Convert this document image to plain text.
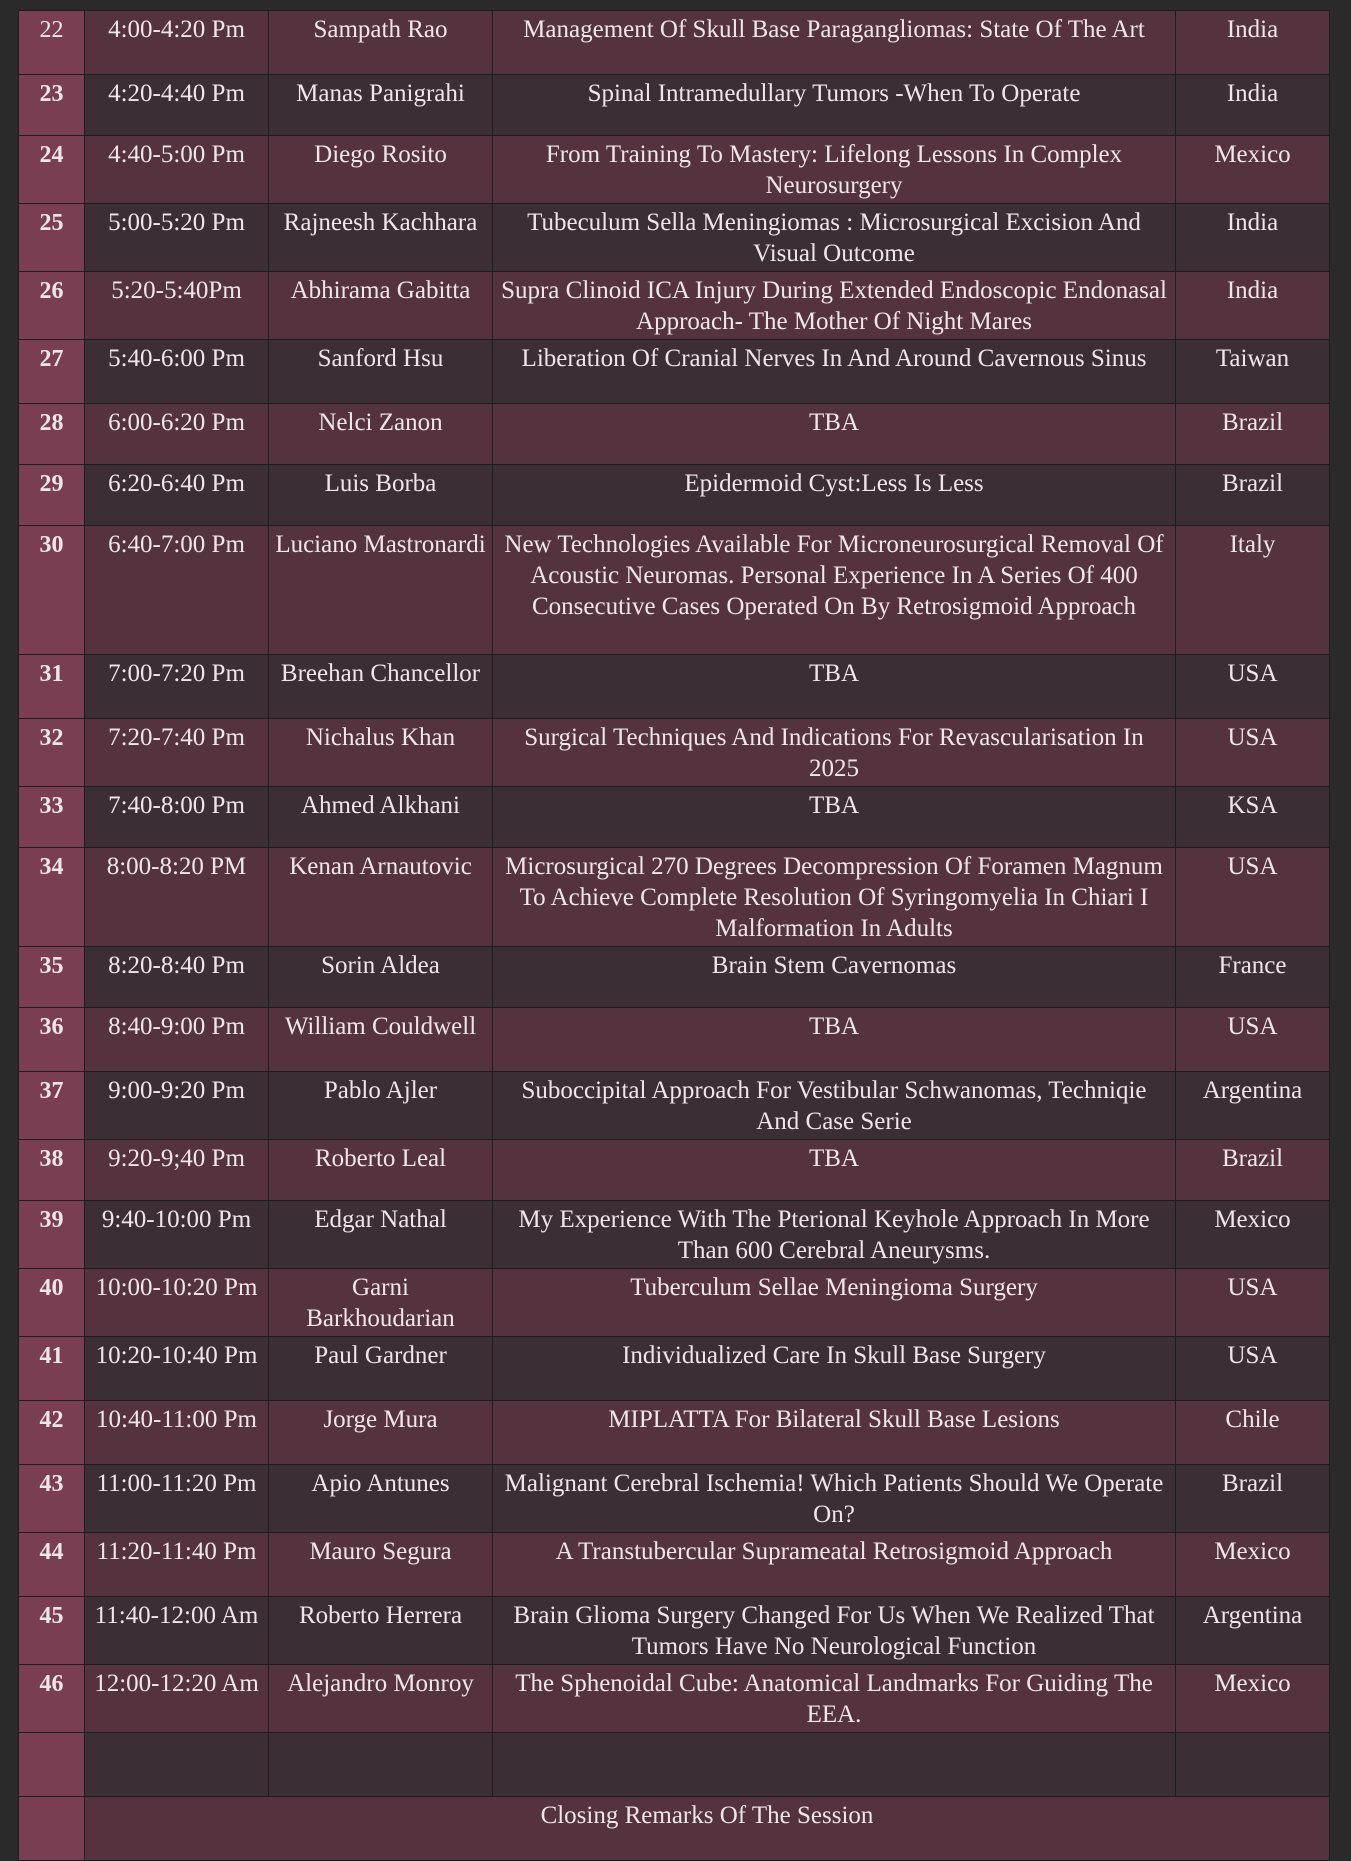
22	4:00-4:20 Pm	Sampath Rao	Management Of Skull Base Paragangliomas: State Of The Art	India
23	4:20-4:40 Pm	Manas Panigrahi	Spinal Intramedullary Tumors -When To Operate	India
24	4:40-5:00 Pm	Diego Rosito	From Training To Mastery: Lifelong Lessons In Complex Neurosurgery	Mexico
25	5:00-5:20 Pm	Rajneesh Kachhara	Tubeculum Sella Meningiomas : Microsurgical Excision And Visual Outcome	India
26	5:20-5:40Pm	Abhirama Gabitta	Supra Clinoid ICA Injury During Extended Endoscopic Endonasal Approach- The Mother Of Night Mares	India
27	5:40-6:00 Pm	Sanford Hsu	Liberation Of Cranial Nerves In And Around Cavernous Sinus	Taiwan
28	6:00-6:20 Pm	Nelci Zanon	TBA	Brazil
29	6:20-6:40 Pm	Luis Borba	Epidermoid Cyst:Less Is Less	Brazil
30	6:40-7:00 Pm	Luciano Mastronardi	New Technologies Available For Microneurosurgical Removal Of Acoustic Neuromas. Personal Experience In A Series Of 400 Consecutive Cases Operated On By Retrosigmoid Approach	Italy
31	7:00-7:20 Pm	Breehan Chancellor	TBA	USA
32	7:20-7:40 Pm	Nichalus Khan	Surgical Techniques And Indications For Revascularisation In 2025	USA
33	7:40-8:00 Pm	Ahmed Alkhani	TBA	KSA
34	8:00-8:20 PM	Kenan Arnautovic	Microsurgical 270 Degrees Decompression Of Foramen Magnum To Achieve Complete Resolution Of Syringomyelia In Chiari I Malformation In Adults	USA
35	8:20-8:40 Pm	Sorin Aldea	Brain Stem Cavernomas	France
36	8:40-9:00 Pm	William Couldwell	TBA	USA
37	9:00-9:20 Pm	Pablo Ajler	Suboccipital Approach For Vestibular Schwanomas, Techniqie And Case Serie	Argentina
38	9:20-9;40 Pm	Roberto Leal	TBA	Brazil
39	9:40-10:00 Pm	Edgar Nathal	My Experience With The Pterional Keyhole Approach In More Than 600 Cerebral Aneurysms.	Mexico
40	10:00-10:20 Pm	Garni Barkhoudarian	Tuberculum Sellae Meningioma Surgery	USA
41	10:20-10:40 Pm	Paul Gardner	Individualized Care In Skull Base Surgery	USA
42	10:40-11:00 Pm	Jorge Mura	MIPLATTA For Bilateral Skull Base Lesions	Chile
43	11:00-11:20 Pm	Apio Antunes	Malignant Cerebral Ischemia! Which Patients Should We Operate On?	Brazil
44	11:20-11:40 Pm	Mauro Segura	A Transtubercular Suprameatal Retrosigmoid Approach	Mexico
45	11:40-12:00 Am	Roberto Herrera	Brain Glioma Surgery Changed For Us When We Realized That Tumors Have No Neurological Function	Argentina
46	12:00-12:20 Am	Alejandro Monroy	The Sphenoidal Cube: Anatomical Landmarks For Guiding The EEA.	Mexico

	Closing Remarks Of The Session			
